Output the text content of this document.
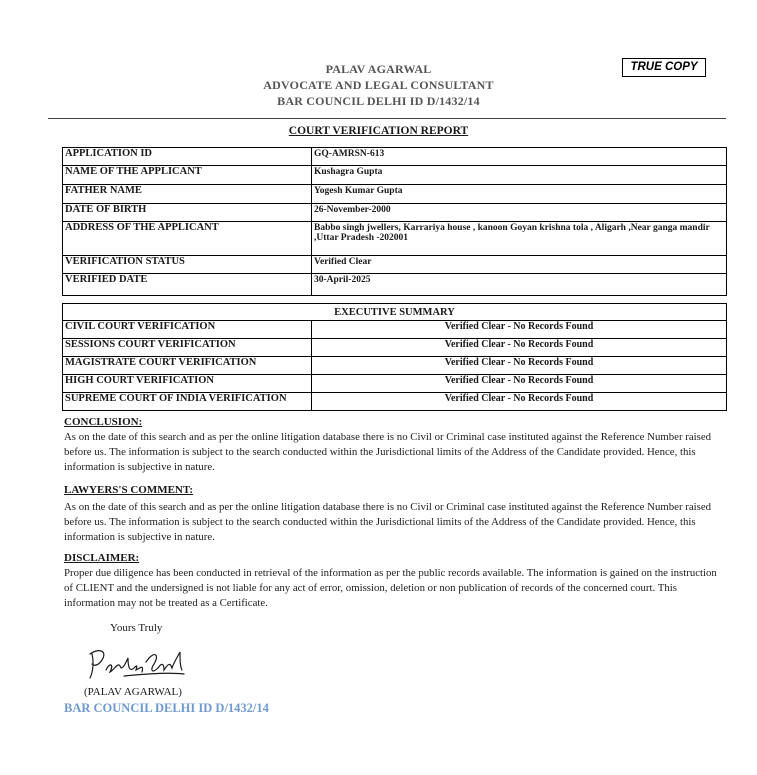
PALAV AGARWAL
ADVOCATE AND LEGAL CONSULTANT
BAR COUNCIL DELHI ID D/1432/14
TRUE COPY
COURT VERIFICATION REPORT
APPLICATION ID	GQ-AMRSN-613
NAME OF THE APPLICANT	Kushagra Gupta
FATHER NAME	Yogesh Kumar Gupta
DATE OF BIRTH	26-November-2000
ADDRESS OF THE APPLICANT	Babbo singh jwellers, Karrariya house , kanoon Goyan krishna tola , Aligarh ,Near ganga mandir ,Uttar Pradesh -202001
VERIFICATION STATUS	Verified Clear
VERIFIED DATE	30-April-2025
EXECUTIVE SUMMARY	
CIVIL COURT VERIFICATION	Verified Clear - No Records Found
SESSIONS COURT VERIFICATION	Verified Clear - No Records Found
MAGISTRATE COURT VERIFICATION	Verified Clear - No Records Found
HIGH COURT VERIFICATION	Verified Clear - No Records Found
SUPREME COURT OF INDIA VERIFICATION	Verified Clear - No Records Found
CONCLUSION:
As on the date of this search and as per the online litigation database there is no Civil or Criminal case instituted against the Reference Number raised before us. The information is subject to the search conducted within the Jurisdictional limits of the Address of the Candidate provided. Hence, this information is subjective in nature.
LAWYERS'S COMMENT:
As on the date of this search and as per the online litigation database there is no Civil or Criminal case instituted against the Reference Number raised before us. The information is subject to the search conducted within the Jurisdictional limits of the Address of the Candidate provided. Hence, this information is subjective in nature.
DISCLAIMER:
Proper due diligence has been conducted in retrieval of the information as per the public records available. The information is gained on the instruction of CLIENT and the undersigned is not liable for any act of error, omission, deletion or non publication of records of the concerned court. This information may not be treated as a Certificate.
Yours Truly
(PALAV AGARWAL)
BAR COUNCIL DELHI ID D/1432/14
